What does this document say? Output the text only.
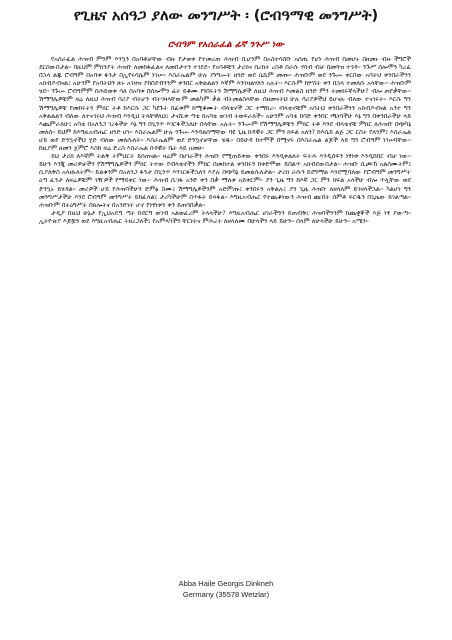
የጊዜና አሰዓጋ ያለው መንግሥት ፡ (ሮብዓማዊ መንግሥት)
ሮብዓም የአሰራፈል ፊኛ ንጉሥ ነው

የአሰራፈል ሕዝብ ምንም እንኳን በአባቶቻቸው ብዙ የታወቀ የተመረጠ ሕዝብ ቢሆንም በአስተሳሰቡ አሰጢ የሆነ ሕዝብ በመሆኑ በዘመኑ ብዙ ችግሮች ደርሰውበታል፡፡ በዚህም ምክንያት ሕዝቡ ለመከፋፈልና ለመበታተን ተገደደ፡፡ የአባቶቹን ታሪክና በረከት ረስቶ በራሱ ሃሳብ ብቻ በመጓዝ ተጎዳ፡፡ ንጉሥ ሰሎሞን ካረፈ በኋላ ልጁ ሮብዓም በአባቱ ፋንታ በኢየሩሳሌም ነገሠ፡፡ እስራኤልም ሁሉ ያነግሡት ዘንድ ወደ ሴኬም መጡ፡፡ ሕዝቡም ወደ ንጉሡ ቀርበው አባትህ ቀንበራችንን አክብዶብናል፤ አሁንም የአባትህን ጽኑ አገዛዝ ያከበደብንንም ቀንበር አቅልልልን እኛም እንገዛልሃለን አሉት፡፡ እርሱም ከሦስት ቀን በኋላ ተመለሱ አላቸው፡፡ ሕዝቡም ሄደ፡፡ ንጉሡ ሮብዓምም በሕይወቱ ሳለ በአባቱ በሰሎሞን ፊት ይቆሙ የነበሩትን ሽማግሌዎች ለዚህ ሕዝብ እመልስ ዘንድ ምን ትመክሩኛላችሁ? ብሎ ጠየቃቸው፡፡ ሽማግሌዎቹም ዛሬ ለዚህ ሕዝብ ባሪያ ብትሆን ብትገዛላቸውም መልካም ቃል ብትመልስላቸው በዘመናትህ ሁሉ ባሪያዎችህ ይሆናሉ ብለው ተናገሩት፡፡ እርሱ ግን ሽማግሌዎቹ የመከሩትን ምክር ትቶ ከእርሱ ጋር ካደጉት በፊቱም ከሚቆሙት ብላቴኖች ጋር ተማከረ፡፡ ብላቴኖቹም አባትህ ቀንበራችንን አክብዶብናል አንተ ግን አቅልልልን ብለው ለተናገሩህ ሕዝብ እንዲህ ትላቸዋለህ፤ ታናሺቱ ጣቴ ከአባቴ ወገብ ትወፍራለች፡፡ አሁንም አባቴ ከባድ ቀንበር ጫነባችሁ እኔ ግን በቀንበራችሁ ላይ እጨምራለሁ፤ አባቴ በአለንጋ ገረፋችሁ እኔ ግን በጊንጥ እገርፋችኋለሁ በላቸው አሉት፡፡ ንጉሡም የሽማግሌዎቹን ምክር ትቶ እንደ ብላቴኖቹ ምክር ለሕዝቡ በጭካኔ መለሰ፡፡ ይህም ከእግዚአብሔር ዘንድ ሆነ፡፡ እስራኤልም ሁሉ ንጉሡ እንዳልሰማቸው ባዩ ጊዜ ከዳዊት ጋር ምን ክፍል አለን? ከእሴይ ልጅ ጋር ርስት የለንም፤ እስራኤል ሆይ ወደ ድንኳኖችህ ሂድ ብለው መለሱለት፡፡ እስራኤልም ወደ ድንኳኖቻቸው ሄዱ፡፡ በይሁዳ ከተሞች በሚኖሩ በእስራኤል ልጆች ላይ ግን ሮብዓም ነገሠባቸው፡፡ ከዚያም ዘመን ጀምሮ እስከ ዛሬ ድረስ እስራኤል በዳዊት ቤት ላይ ዐመፀ፡፡

ይህ ታሪክ ለእኛም ትልቅ ትምህርት ይሰጠናል፡፡ ዛሬም በሀገራችን ሕዝቡ የሚጠይቀው ቀንበሩ እንዲቀልለት ፍትሕ እንዲሰፍን ነፃነቱ እንዲከበር ብቻ ነው፡፡ ይሁን እንጂ መሪዎቻችን የሽማግሌዎችን ምክር ትተው የብላቴኖችን ምክር በመከተል ቀንበሩን ከቀድሞው ይበልጥ አክብደውበታል፡፡ ሕዝቡ ሲጮኽ አልሰሙትም፤ ሲያለቅስ አላዘኑለትም፡፡ ይልቁንም በአለንጋ ፋንታ በጊንጥ እንገርፋችኋለን እያሉ በጭካኔ ይመልሱለታል፡፡ ታሪክ ራሱን ይደግማል እንደሚባለው የሮብዓም መንግሥት ዕጣ ፈንታ ለዛሬዎቹም ገዥዎች የማይቀር ነው፡፡ ሕዝብ ሲገፋ አንድ ቀን በቃ ማለቱ አይቀርም፡፡ ያን ጊዜ ግን ከእኛ ጋር ምን ክፍል አላችሁ ብሎ ጥሏቸው ወደ ድንኳኑ ይሄዳል፡፡ መሪዎች ሆይ የሕዝባችሁን ድምፅ ስሙ፤ ሽማግሌዎችንም አድምጡ፤ ቀንበሩን አቅልሉ፤ ያን ጊዜ ሕዝቡ ለዘላለም ይገዛላችኋል፡፡ ካልሆነ ግን መንግሥታችሁ እንደ ሮብዓም መንግሥት ይከፈላል፤ ታሪካችሁም በጥፋት ይጻፋል፡፡ እግዚአብሔር የተጨቆነውን ሕዝብ ጩኸት ሰምቶ ፍርዱን በጊዜው ይገልጣል፡፡ ሕዝቡም በትዕግሥት በጸሎትና በአንድነት ሆኖ የነፃነቱን ቀን ይጠባበቃል፡፡

ታዲያ በዚህ ሁኔታ የኢህአዴግ ጣት ከደርግ ወገብ አልወፈረም ትላላችሁ? እግዚአብሔር ሀገራችንን ይጠብቅ፤ ሕዝባችንንም ከጨቋኞች እጅ ነፃ ያውጣ፡፡ ኢትዮጵያ እጆቿን ወደ እግዚአብሔር ትዘረጋለች፤ የአምላካችን ቸርነትና ምሕረት ለዘላለሙ በሁላችን ላይ ይሁን፡፡ ሰላም ለሁላችሁ ይሁን፡፡ አሜን፡፡

Abba Haile Georgis Dinkneh
Germany (35578 Wetzlar)
